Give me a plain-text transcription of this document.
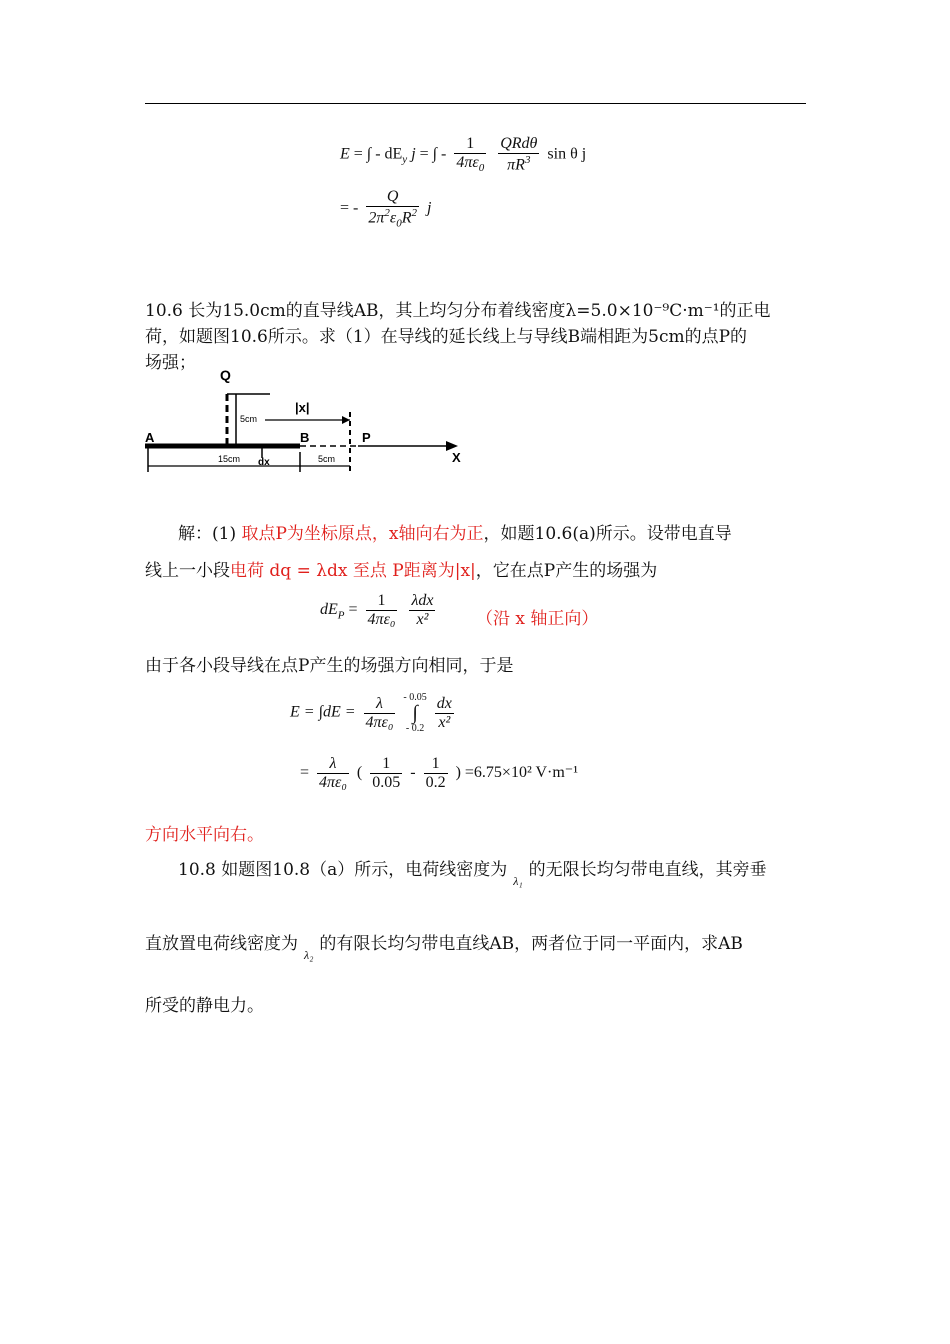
E = ∫ - $dE_y$ j = ∫ - $\frac{1}{4\pi\varepsilon_0}$
$\frac{\text{QRdθ}}{\pi R^3}$ sin θ j
= - $\frac{Q}{2\pi^2\varepsilon_0R^2}$ j
10.6 长为15.0cm的直导线AB，其上均匀分布着线密度λ=5.0×10⁻⁹C·m⁻¹的正电
荷，如题图10.6所示。求（1）在导线的延长线上与导线B端相距为5cm的点P的
场强；
Q
5cm
|x|
A	B	P
X
15cm dx	5cm
解：(1) 取点P为坐标原点，x轴向右为正，如题10.6(a)所示。设带电直导
线上一小段电荷 dq = λdx 至点 P距离为|x|，它在点P产生的场强为
$dE_P = \frac{1}{\text{4πε₀}}$
$\frac{\text{λdx}}{\text{x²}}$ （沿 x 轴正向）
由于各小段导线在点P产生的场强方向相同，于是
$E = \int dE = \frac{\lambda}{\text{4πε₀}}$
- 0.05
∫
- 0.2
$\frac{dx}{\text{x²}}$
= $\frac{\lambda}{\text{4πε₀}}$ ( $\frac{1}{0.05} - \frac{1}{0.2}$ ) =6.75×10² V·m⁻¹
方向水平向右。
10.8 如题图10.8（a）所示，电荷线密度为$_{\lambda_1}$的无限长均匀带电直线，其旁垂
直放置电荷线密度为$_{\lambda_2}$的有限长均匀带电直线AB，两者位于同一平面内，求AB
所受的静电力。
